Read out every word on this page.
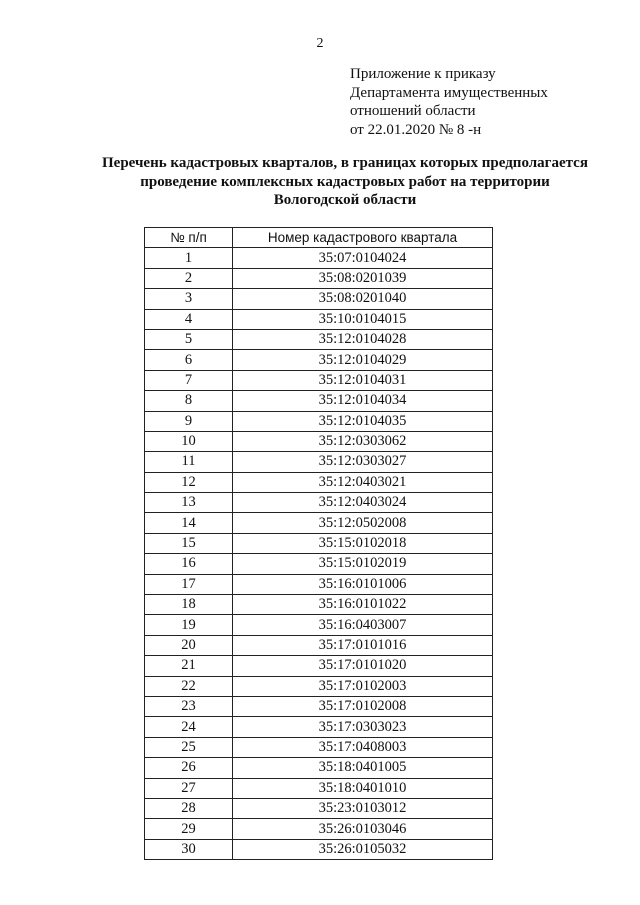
2
Приложение к приказу
Департамента имущественных
отношений области
от 22.01.2020 № 8 -н
Перечень кадастровых кварталов, в границах которых предполагается
проведение комплексных кадастровых работ на территории
Вологодской области
№ п/п	Номер кадастрового квартала
1	35:07:0104024
2	35:08:0201039
3	35:08:0201040
4	35:10:0104015
5	35:12:0104028
6	35:12:0104029
7	35:12:0104031
8	35:12:0104034
9	35:12:0104035
10	35:12:0303062
11	35:12:0303027
12	35:12:0403021
13	35:12:0403024
14	35:12:0502008
15	35:15:0102018
16	35:15:0102019
17	35:16:0101006
18	35:16:0101022
19	35:16:0403007
20	35:17:0101016
21	35:17:0101020
22	35:17:0102003
23	35:17:0102008
24	35:17:0303023
25	35:17:0408003
26	35:18:0401005
27	35:18:0401010
28	35:23:0103012
29	35:26:0103046
30	35:26:0105032
